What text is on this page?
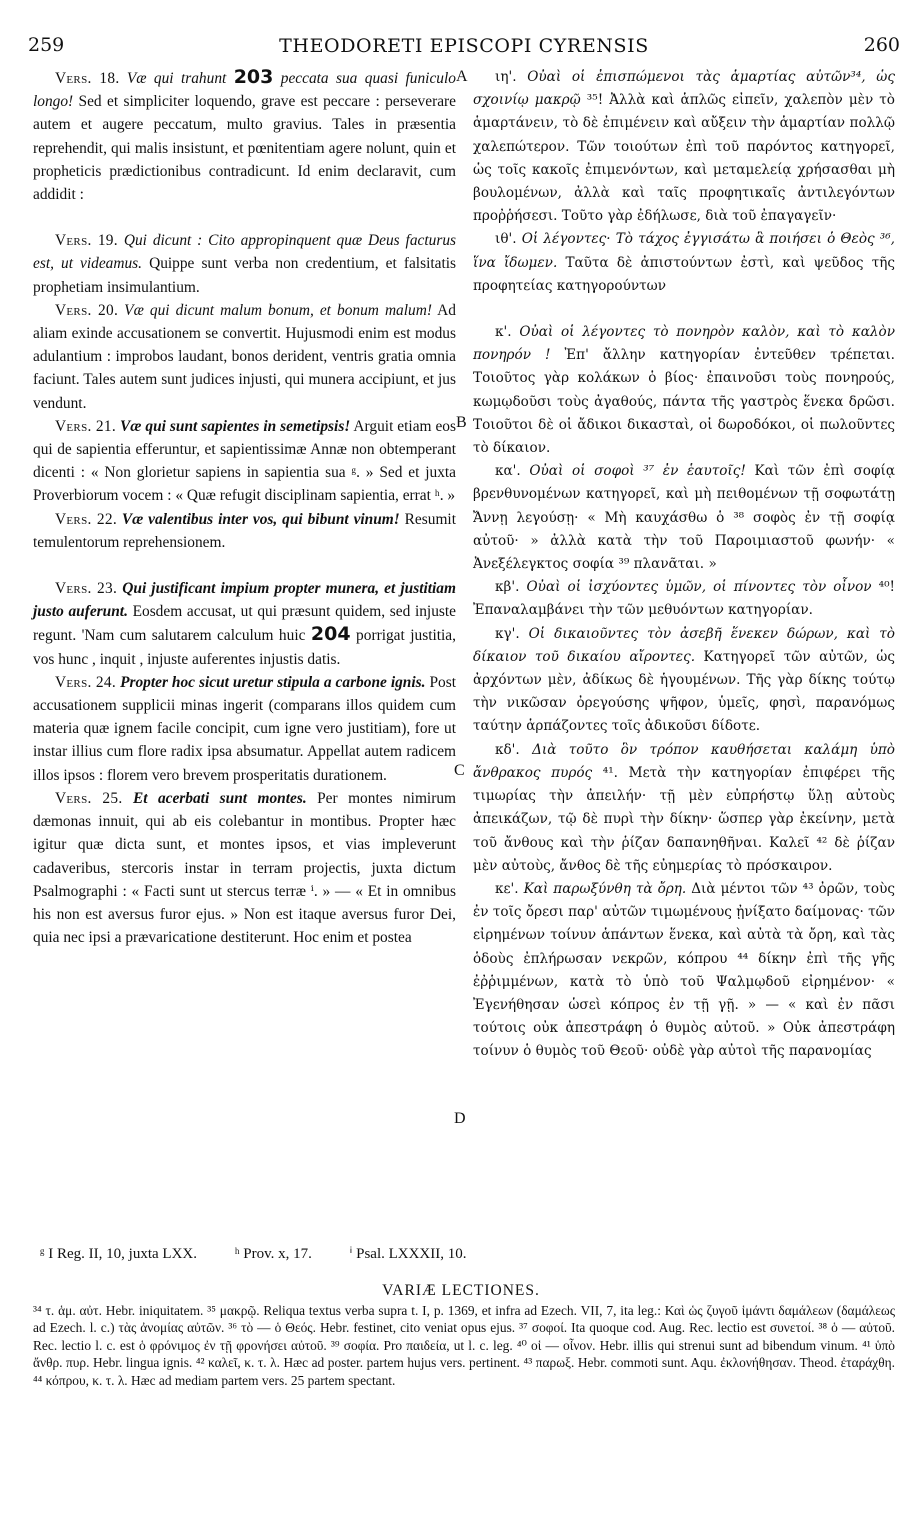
259	THEODORETI EPISCOPI CYRENSIS	260
A
B
C
D

Vers. 18. Væ qui trahunt 203 peccata sua quasi funiculo longo! Sed et simpliciter loquendo, grave est peccare : perseverare autem et augere peccatum, multo gravius. Tales in præsentia reprehendit, qui malis insistunt, et pœnitentiam agere nolunt, quin et propheticis prædictionibus contradicunt. Id enim declaravit, cum addidit :

Vers. 19. Qui dicunt : Cito appropinquent quæ Deus facturus est, ut videamus. Quippe sunt verba non credentium, et falsitatis prophetiam insimulantium.

Vers. 20. Væ qui dicunt malum bonum, et bonum malum! Ad aliam exinde accusationem se convertit. Hujusmodi enim est modus adulantium : improbos laudant, bonos derident, ventris gratia omnia faciunt. Tales autem sunt judices injusti, qui munera accipiunt, et jus vendunt.

Vers. 21. Væ qui sunt sapientes in semetipsis! Arguit etiam eos qui de sapientia efferuntur, et sapientissimæ Annæ non obtemperant dicenti : « Non glorietur sapiens in sapientia sua ᵍ. » Sed et juxta Proverbiorum vocem : « Quæ refugit disciplinam sapientia, errat ʰ. »

Vers. 22. Væ valentibus inter vos, qui bibunt vinum! Resumit temulentorum reprehensionem.

Vers. 23. Qui justificant impium propter munera, et justitiam justo auferunt. Eosdem accusat, ut qui præsunt quidem, sed injuste regunt. 'Nam cum salutarem calculum huic 204 porrigat justitia, vos hunc , inquit , injuste auferentes injustis datis.

Vers. 24. Propter hoc sicut uretur stipula a carbone ignis. Post accusationem supplicii minas ingerit (comparans illos quidem cum materia quæ ignem facile concipit, cum igne vero justitiam), fore ut instar illius cum flore radix ipsa absumatur. Appellat autem radicem illos ipsos : florem vero brevem prosperitatis durationem.

Vers. 25. Et acerbati sunt montes. Per montes nimirum dæmonas innuit, qui ab eis colebantur in montibus. Propter hæc igitur quæ dicta sunt, et montes ipsos, et vias impleverunt cadaveribus, stercoris instar in terram projectis, juxta dictum Psalmographi : « Facti sunt ut stercus terræ ⁱ. » — « Et in omnibus his non est aversus furor ejus. » Non est itaque aversus furor Dei, quia nec ipsi a prævaricatione destiterunt. Hoc enim et postea

ιη'. Οὐαὶ οἱ ἐπισπώμενοι τὰς ἁμαρτίας αὐτῶν³⁴, ὡς σχοινίῳ μακρῷ ³⁵! Ἀλλὰ καὶ ἁπλῶς εἰπεῖν, χαλεπὸν μὲν τὸ ἁμαρτάνειν, τὸ δὲ ἐπιμένειν καὶ αὔξειν τὴν ἁμαρτίαν πολλῷ χαλεπώτερον. Τῶν τοιούτων ἐπὶ τοῦ παρόντος κατηγορεῖ, ὡς τοῖς κακοῖς ἐπιμενόντων, καὶ μεταμελείᾳ χρήσασθαι μὴ βουλομένων, ἀλλὰ καὶ ταῖς προφητικαῖς ἀντιλεγόντων προῤῥήσεσι. Τοῦτο γὰρ ἐδήλωσε, διὰ τοῦ ἐπαγαγεῖν·

ιθ'. Οἱ λέγοντες· Τὸ τάχος ἐγγισάτω ἃ ποιήσει ὁ Θεὸς ³⁶, ἵνα ἴδωμεν. Ταῦτα δὲ ἀπιστούντων ἐστὶ, καὶ ψεῦδος τῆς προφητείας κατηγορούντων

κ'. Οὐαὶ οἱ λέγοντες τὸ πονηρὸν καλὸν, καὶ τὸ καλὸν πονηρόν ! Ἐπ' ἄλλην κατηγορίαν ἐντεῦθεν τρέπεται. Τοιοῦτος γὰρ κολάκων ὁ βίος· ἐπαινοῦσι τοὺς πονηρούς, κωμῳδοῦσι τοὺς ἀγαθούς, πάντα τῆς γαστρὸς ἕνεκα δρῶσι. Τοιοῦτοι δὲ οἱ ἄδικοι δικασταὶ, οἱ δωροδόκοι, οἱ πωλοῦντες τὸ δίκαιον.

κα'. Οὐαὶ οἱ σοφοὶ ³⁷ ἐν ἑαυτοῖς! Καὶ τῶν ἐπὶ σοφίᾳ βρενθυνομένων κατηγορεῖ, καὶ μὴ πειθομένων τῇ σοφωτάτῃ Ἄννῃ λεγούσῃ· « Μὴ καυχάσθω ὁ ³⁸ σοφὸς ἐν τῇ σοφίᾳ αὐτοῦ· » ἀλλὰ κατὰ τὴν τοῦ Παροιμιαστοῦ φωνήν· « Ἀνεξέλεγκτος σοφία ³⁹ πλανᾶται. »

κβ'. Οὐαὶ οἱ ἰσχύοντες ὑμῶν, οἱ πίνοντες τὸν οἶνον ⁴⁰! Ἐπαναλαμβάνει τὴν τῶν μεθυόντων κατηγορίαν.

κγ'. Οἱ δικαιοῦντες τὸν ἀσεβῆ ἕνεκεν δώρων, καὶ τὸ δίκαιον τοῦ δικαίου αἴροντες. Κατηγορεῖ τῶν αὐτῶν, ὡς ἀρχόντων μὲν, ἀδίκως δὲ ἡγουμένων. Τῆς γὰρ δίκης τούτῳ τὴν νικῶσαν ὀρεγούσης ψῆφον, ὑμεῖς, φησὶ, παρανόμως ταύτην ἁρπάζοντες τοῖς ἀδικοῦσι δίδοτε.

κδ'. Διὰ τοῦτο ὃν τρόπον καυθήσεται καλάμη ὑπὸ ἄνθρακος πυρός ⁴¹. Μετὰ τὴν κατηγορίαν ἐπιφέρει τῆς τιμωρίας τὴν ἀπειλήν· τῇ μὲν εὐπρήστῳ ὕλῃ αὐτοὺς ἀπεικάζων, τῷ δὲ πυρὶ τὴν δίκην· ὥσπερ γὰρ ἐκείνην, μετὰ τοῦ ἄνθους καὶ τὴν ῥίζαν δαπανηθῆναι. Καλεῖ ⁴² δὲ ῥίζαν μὲν αὐτοὺς, ἄνθος δὲ τῆς εὐημερίας τὸ πρόσκαιρον.

κε'. Καὶ παρωξύνθη τὰ ὄρη. Διὰ μέντοι τῶν ⁴³ ὀρῶν, τοὺς ἐν τοῖς ὄρεσι παρ' αὐτῶν τιμωμένους ᾐνίξατο δαίμονας· τῶν εἰρημένων τοίνυν ἁπάντων ἕνεκα, καὶ αὐτὰ τὰ ὄρη, καὶ τὰς ὁδοὺς ἐπλήρωσαν νεκρῶν, κόπρου ⁴⁴ δίκην ἐπὶ τῆς γῆς ἐῤῥιμμένων, κατὰ τὸ ὑπὸ τοῦ Ψαλμῳδοῦ εἰρημένον· « Ἐγενήθησαν ὡσεὶ κόπρος ἐν τῇ γῇ. » — « καὶ ἐν πᾶσι τούτοις οὐκ ἀπεστράφη ὁ θυμὸς αὐτοῦ. » Οὐκ ἀπεστράφη τοίνυν ὁ θυμὸς τοῦ Θεοῦ· οὐδὲ γὰρ αὐτοὶ τῆς παρανομίας

ᵍ I Reg. II, 10, juxta LXX.	ʰ Prov. x, 17.	ⁱ Psal. LXXXII, 10.
VARIÆ LECTIONES.
³⁴ τ. ἁμ. αὐτ. Hebr. iniquitatem. ³⁵ μακρῷ. Reliqua textus verba supra t. I, p. 1369, et infra ad Ezech. VII, 7, ita leg.: Καὶ ὡς ζυγοῦ ἱμάντι δαμάλεων (δαμάλεως ad Ezech. l. c.) τὰς ἀνομίας αὐτῶν. ³⁶ τὸ — ὁ Θεός. Hebr. festinet, cito veniat opus ejus. ³⁷ σοφοί. Ita quoque cod. Aug. Rec. lectio est συνετοί. ³⁸ ὁ — αὐτοῦ. Rec. lectio l. c. est ὁ φρόνιμος ἐν τῇ φρονήσει αὐτοῦ. ³⁹ σοφία. Pro παιδεία, ut l. c. leg. ⁴⁰ οἱ — οἶνον. Hebr. illis qui strenui sunt ad bibendum vinum. ⁴¹ ὑπὸ ἄνθρ. πυρ. Hebr. lingua ignis. ⁴² καλεῖ, κ. τ. λ. Hæc ad poster. partem hujus vers. pertinent. ⁴³ παρωξ. Hebr. commoti sunt. Aqu. ἐκλονήθησαν. Theod. ἐταράχθη. ⁴⁴ κόπρου, κ. τ. λ. Hæc ad mediam partem vers. 25 partem spectant.
